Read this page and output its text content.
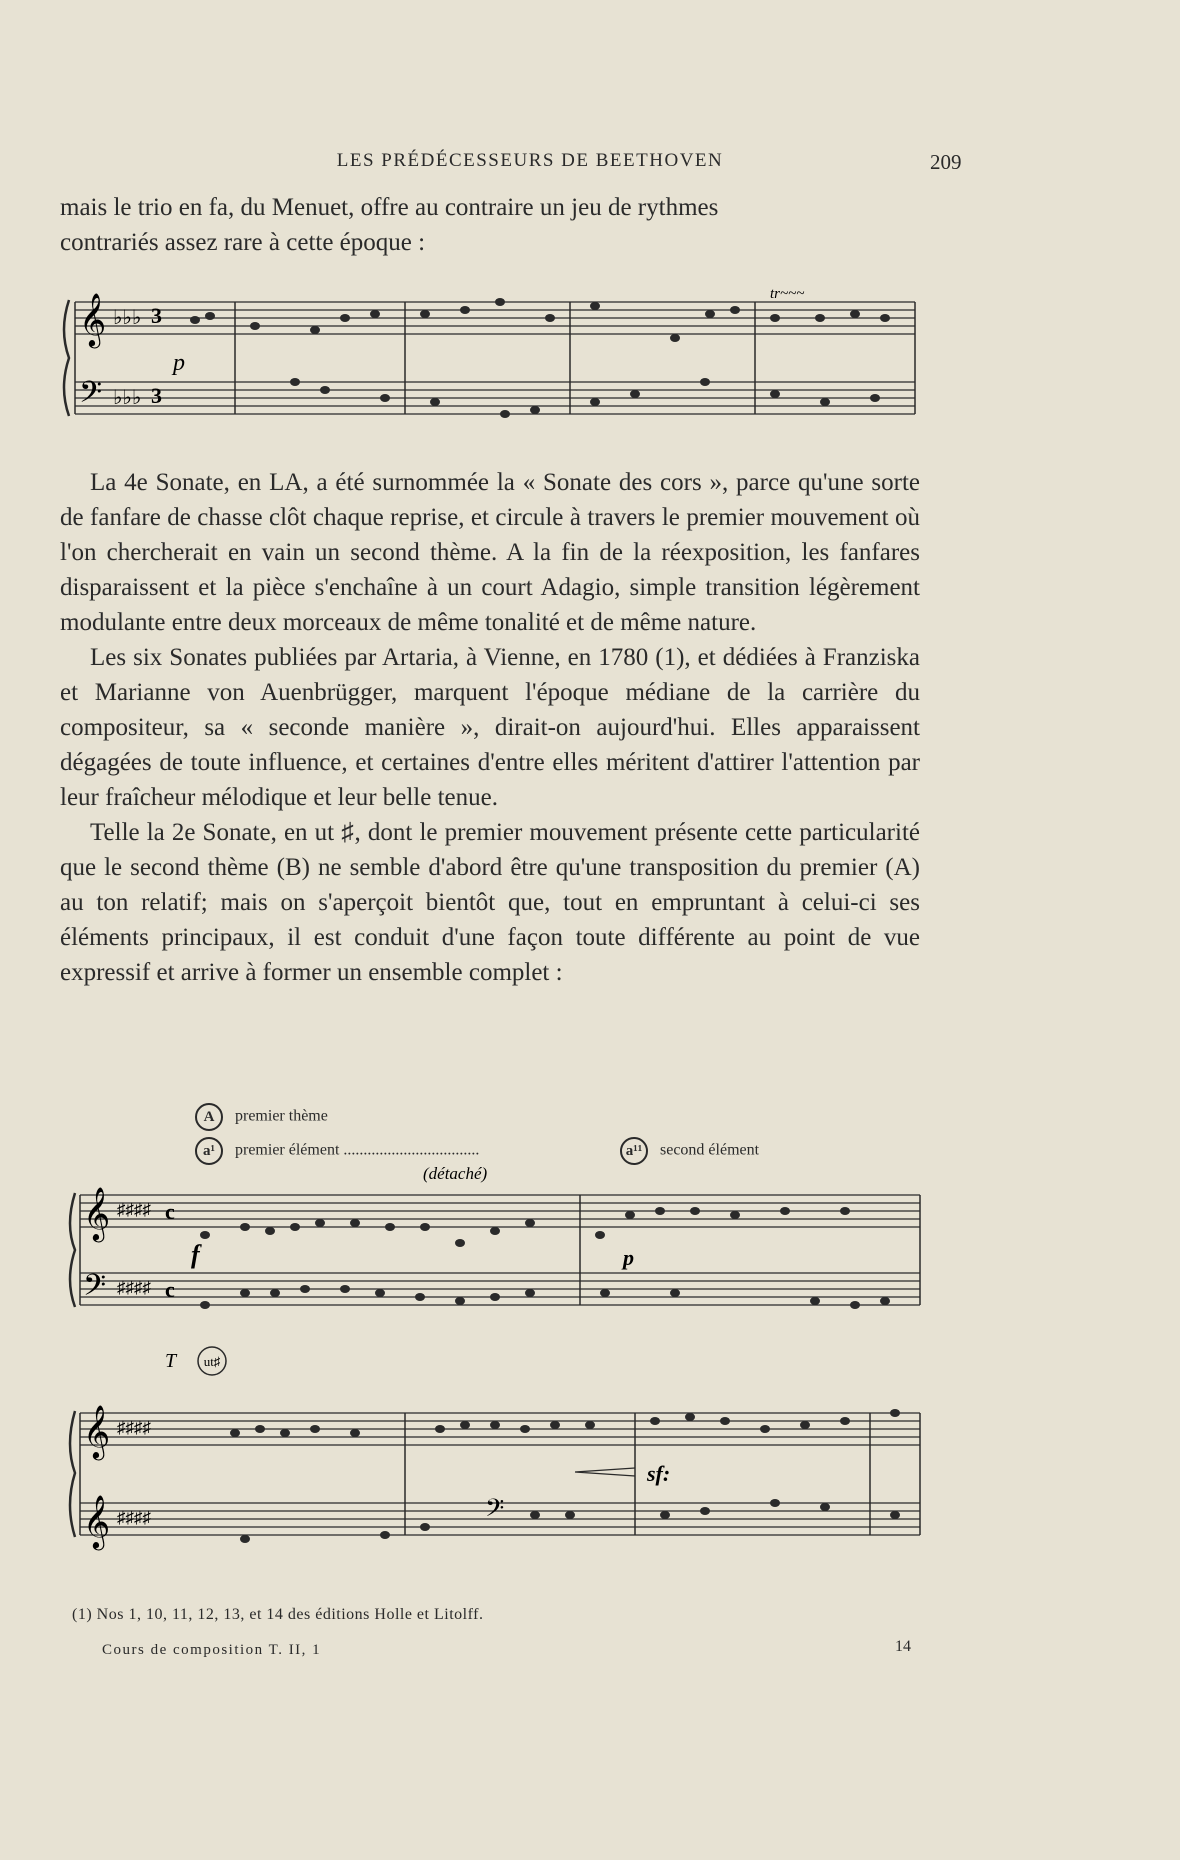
LES PRÉDÉCESSEURS DE BEETHOVEN	209

mais le trio en fa, du Menuet, offre au contraire un jeu de rythmes

contrariés assez rare à cette époque :

𝄞
𝄢
♭♭♭
♭♭♭
3
3
p
tr~~~

La 4e Sonate, en LA, a été surnommée la « Sonate des cors », parce qu'une sorte de fanfare de chasse clôt chaque reprise, et circule à travers le premier mouvement où l'on chercherait en vain un second thème. A la fin de la réexposition, les fanfares disparaissent et la pièce s'enchaîne à un court Adagio, simple transition légèrement modulante entre deux morceaux de même tonalité et de même nature.

Les six Sonates publiées par Artaria, à Vienne, en 1780 (1), et dédiées à Franziska et Marianne von Auenbrügger, marquent l'époque médiane de la carrière du compositeur, sa « seconde manière », dirait-on aujourd'hui. Elles apparaissent dégagées de toute influence, et certaines d'entre elles méritent d'attirer l'attention par leur fraîcheur mélodique et leur belle tenue.

Telle la 2e Sonate, en ut ♯, dont le premier mouvement présente cette particularité que le second thème (B) ne semble d'abord être qu'une transposition du premier (A) au ton relatif; mais on s'aperçoit bientôt que, tout en empruntant à celui-ci ses éléments principaux, il est conduit d'une façon toute différente au point de vue expressif et arrive à former un ensemble complet :

A premier thème
a¹ premier élément ..................................	a¹¹ second élément
(détaché)
𝄞
𝄢
♯♯♯♯
♯♯♯♯
c
c
f	p
T ut♯
𝄞
𝄞
♯♯♯♯
♯♯♯♯	𝄢
sf:
(1) Nos 1, 10, 11, 12, 13, et 14 des éditions Holle et Litolff.
Cours de composition T. II, 1	14
